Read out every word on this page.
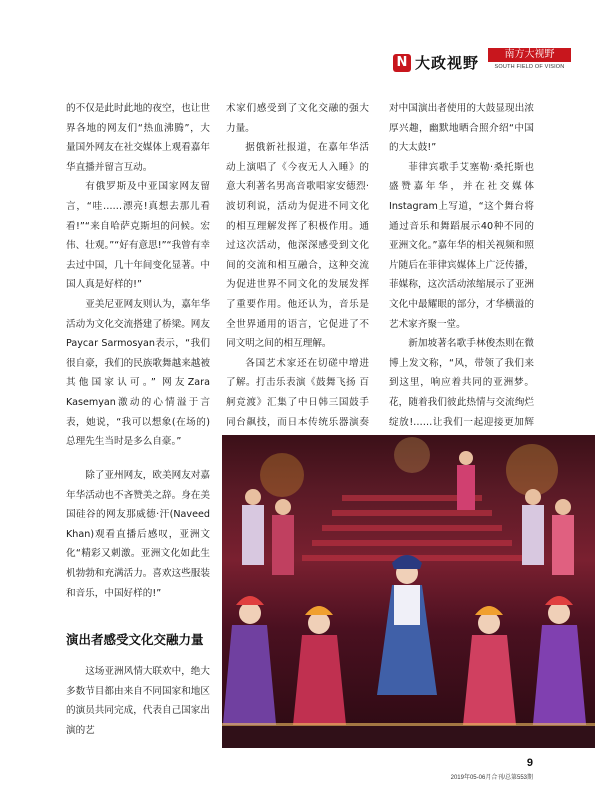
N 大政视野	南方大视野
SOUTH FIELD OF VISION

的不仅是此时此地的夜空，也让世界各地的网友们“热血沸腾”，大量国外网友在社交媒体上观看嘉年华直播并留言互动。

有俄罗斯及中亚国家网友留言，“哇……漂亮!真想去那儿看看!”“来自哈萨克斯坦的问候。宏伟、壮观。”“好有意思!”“我曾有幸去过中国，几十年间变化显著。中国人真是好样的!”

亚美尼亚网友则认为，嘉年华活动为文化交流搭建了桥梁。网友Paycar Sarmosyan表示，“我们很自豪，我们的民族歌舞越来越被其他国家认可。” 网友Zara Kasemyan激动的心情溢于言表，她说，“我可以想象(在场的)总理先生当时是多么自豪。”

除了亚州网友，欧美网友对嘉年华活动也不吝赞美之辞。身在美国硅谷的网友那威德·汗(Naveed Khan)观看直播后感叹，亚洲文化“精彩又刺激。亚洲文化如此生机勃勃和充满活力。喜欢这些服装和音乐，中国好样的!”

演出者感受文化交融力量

这场亚洲风情大联欢中，绝大多数节目都由来自不同国家和地区的演员共同完成，代表自己国家出演的艺

术家们感受到了文化交融的强大力量。

据俄新社报道，在嘉年华活动上演唱了《今夜无人入睡》的意大利著名男高音歌唱家安德烈·波切利说，活动为促进不同文化的相互理解发挥了积极作用。通过这次活动，他深深感受到文化间的交流和相互融合，这种交流为促进世界不同文化的发展发挥了重要作用。他还认为，音乐是全世界通用的语言，它促进了不同文明之间的相互理解。

各国艺术家还在切磋中增进了解。打击乐表演《鼓舞飞扬 百舸竞渡》汇集了中日韩三国鼓手同台飙技，而日本传统乐器演奏

对中国演出者使用的大鼓显现出浓厚兴趣，幽默地晒合照介绍“中国的大太鼓!”

菲律宾歌手艾塞勒·桑托斯也盛赞嘉年华，并在社交媒体Instagram上写道，“这个舞台将通过音乐和舞蹈展示40种不同的亚洲文化。”嘉年华的相关视频和照片随后在菲律宾媒体上广泛传播，菲媒称，这次活动浓缩展示了亚洲文化中最耀眼的部分，才华横溢的艺术家齐聚一堂。

新加坡著名歌手林俊杰则在微博上发文称，“风，带领了我们来到这里，响应着共同的亚洲梦。花，随着我们彼此热情与交流绚烂绽放!……让我们一起迎接更加辉

9
2019年05-06月合刊/总第553期
